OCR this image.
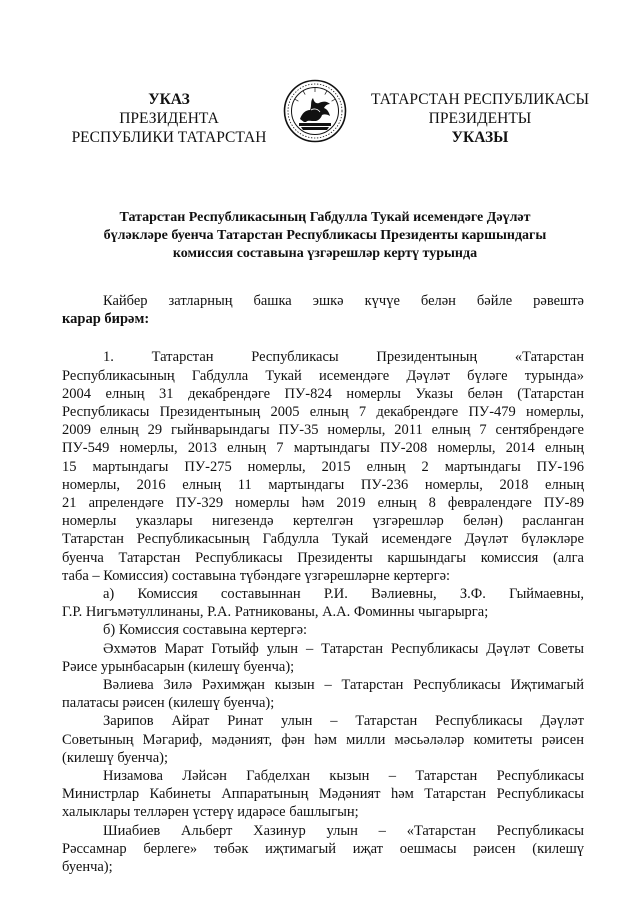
УКАЗ
ПРЕЗИДЕНТА
РЕСПУБЛИКИ ТАТАРСТАН
ТАТАРСТАН РЕСПУБЛИКАСЫ
ПРЕЗИДЕНТЫ
УКАЗЫ
Татарстан Республикасының Габдулла Тукай исемендәге Дәүләт
бүләкләре буенча Татарстан Республикасы Президенты каршындагы
комиссия составына үзгәрешләр кертү турында

Кайбер затларның башка эшкә күчүе белән бәйле рәвештә
карар бирәм:

1. Татарстан Республикасы Президентының «Татарстан
Республикасының Габдулла Тукай исемендәге Дәүләт бүләге турында»
2004 елның 31 декабрендәге ПУ-824 номерлы Указы белән (Татарстан
Республикасы Президентының 2005 елның 7 декабрендәге ПУ-479 номерлы,
2009 елның 29 гыйнварындагы ПУ-35 номерлы, 2011 елның 7 сентябрендәге
ПУ-549 номерлы, 2013 елның 7 мартындагы ПУ-208 номерлы, 2014 елның
15 мартындагы ПУ-275 номерлы, 2015 елның 2 мартындагы ПУ-196
номерлы, 2016 елның 11 мартындагы ПУ-236 номерлы, 2018 елның
21 апрелендәге ПУ-329 номерлы һәм 2019 елның 8 февралендәге ПУ-89
номерлы указлары нигезендә кертелгән үзгәрешләр белән) расланган
Татарстан Республикасының Габдулла Тукай исемендәге Дәүләт бүләкләре
буенча Татарстан Республикасы Президенты каршындагы комиссия (алга
таба – Комиссия) составына түбәндәге үзгәрешләрне кертергә:

а) Комиссия составыннан Р.И. Вәлиевны, З.Ф. Гыймаевны,
Г.Р. Нигъмәтуллинаны, Р.А. Ратникованы, А.А. Фоминны чыгарырга;

б) Комиссия составына кертергә:

Әхмәтов Марат Готыйф улын – Татарстан Республикасы Дәүләт Советы
Рәисе урынбасарын (килешү буенча);

Вәлиева Зилә Рәхимҗан кызын – Татарстан Республикасы Иҗтимагый
палатасы рәисен (килешү буенча);

Зарипов Айрат Ринат улын – Татарстан Республикасы Дәүләт
Советының Мәгариф, мәдәният, фән һәм милли мәсьәләләр комитеты рәисен
(килешү буенча);

Низамова Ләйсән Габделхан кызын – Татарстан Республикасы
Министрлар Кабинеты Аппаратының Мәдәният һәм Татарстан Республикасы
халыклары телләрен үстерү идарәсе башлыгын;

Шиабиев Альберт Хазинур улын – «Татарстан Республикасы
Рәссамнар берлеге» төбәк иҗтимагый иҗат оешмасы рәисен (килешү
буенча);
